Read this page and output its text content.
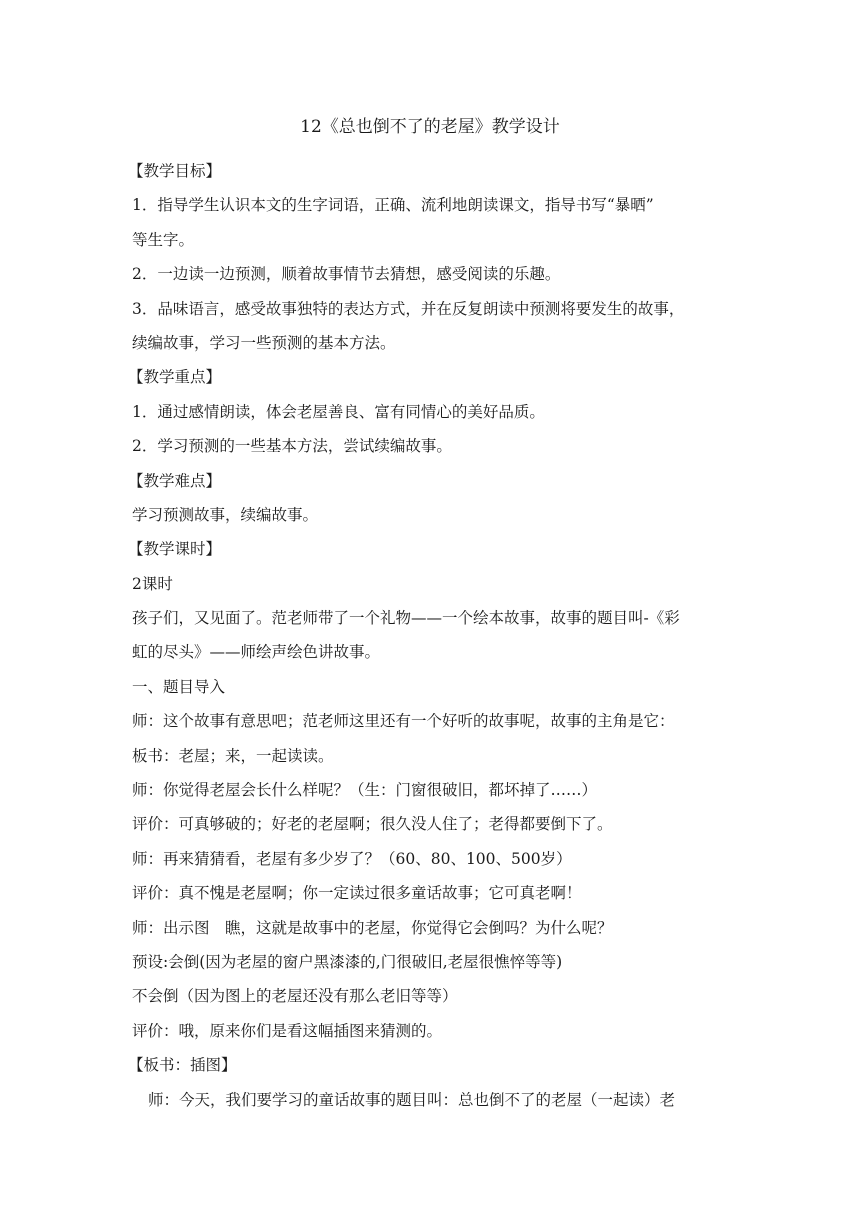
12《总也倒不了的老屋》教学设计
【教学目标】
1．指导学生认识本文的生字词语，正确、流利地朗读课文，指导书写“暴晒”
等生字。
2．一边读一边预测，顺着故事情节去猜想，感受阅读的乐趣。
3．品味语言，感受故事独特的表达方式，并在反复朗读中预测将要发生的故事，
续编故事，学习一些预测的基本方法。
【教学重点】
1．通过感情朗读，体会老屋善良、富有同情心的美好品质。
2．学习预测的一些基本方法，尝试续编故事。
【教学难点】
学习预测故事，续编故事。
【教学课时】
2课时
孩子们，又见面了。范老师带了一个礼物——一个绘本故事，故事的题目叫-《彩
虹的尽头》——师绘声绘色讲故事。
一、题目导入
师：这个故事有意思吧；范老师这里还有一个好听的故事呢，故事的主角是它：
板书：老屋；来，一起读读。
师：你觉得老屋会长什么样呢？（生：门窗很破旧，都坏掉了……）
评价：可真够破的；好老的老屋啊；很久没人住了；老得都要倒下了。
师：再来猜猜看，老屋有多少岁了？（60、80、100、500岁）
评价：真不愧是老屋啊；你一定读过很多童话故事；它可真老啊！
师：出示图　瞧，这就是故事中的老屋，你觉得它会倒吗？为什么呢？
预设:会倒(因为老屋的窗户黑漆漆的,门很破旧,老屋很憔悴等等)
不会倒（因为图上的老屋还没有那么老旧等等）
评价：哦，原来你们是看这幅插图来猜测的。
【板书：插图】
师：今天，我们要学习的童话故事的题目叫：总也倒不了的老屋（一起读）老
